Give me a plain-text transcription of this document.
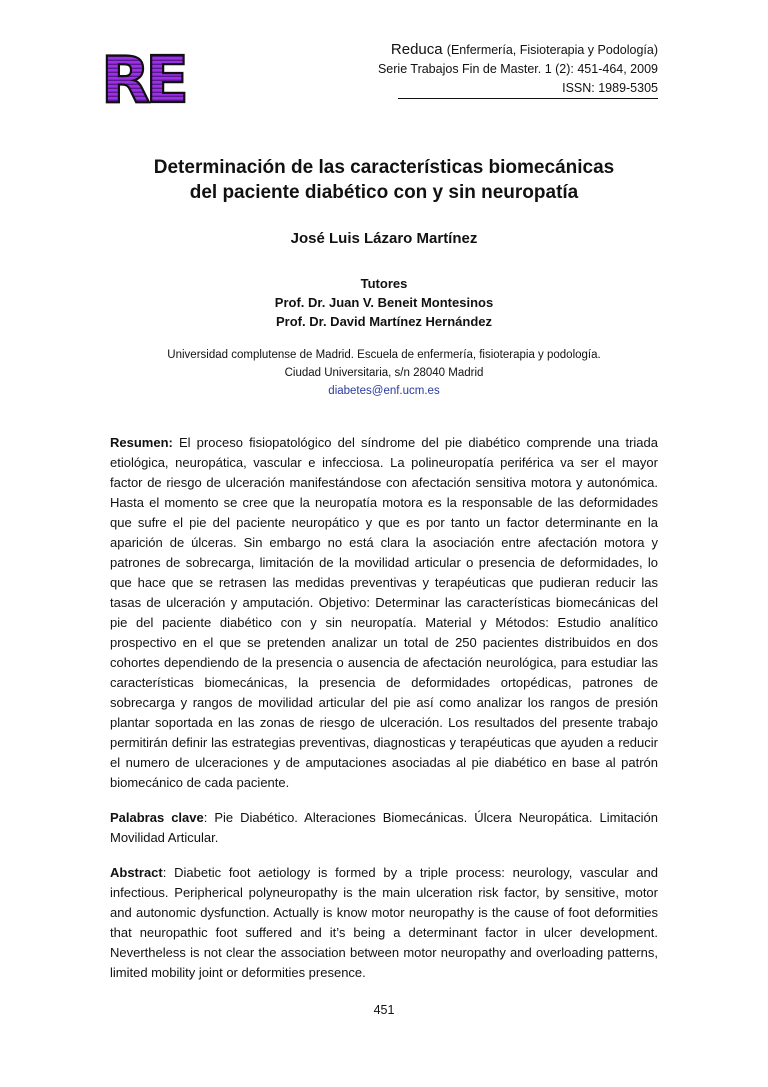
RE	Reduca (Enfermería, Fisioterapia y Podología)
Serie Trabajos Fin de Master. 1 (2): 451-464, 2009
ISSN: 1989-5305
Determinación de las características biomecánicas
del paciente diabético con y sin neuropatía
José Luis Lázaro Martínez
Tutores
Prof. Dr. Juan V. Beneit Montesinos
Prof. Dr. David Martínez Hernández
Universidad complutense de Madrid. Escuela de enfermería, fisioterapia y podología.
Ciudad Universitaria, s/n 28040 Madrid
diabetes@enf.ucm.es

Resumen: El proceso fisiopatológico del síndrome del pie diabético comprende una triada etiológica, neuropática, vascular e infecciosa. La polineuropatía periférica va ser el mayor factor de riesgo de ulceración manifestándose con afectación sensitiva motora y autonómica. Hasta el momento se cree que la neuropatía motora es la responsable de las deformidades que sufre el pie del paciente neuropático y que es por tanto un factor determinante en la aparición de úlceras. Sin embargo no está clara la asociación entre afectación motora y patrones de sobrecarga, limitación de la movilidad articular o presencia de deformidades, lo que hace que se retrasen las medidas preventivas y terapéuticas que pudieran reducir las tasas de ulceración y amputación. Objetivo: Determinar las características biomecánicas del pie del paciente diabético con y sin neuropatía. Material y Métodos: Estudio analítico prospectivo en el que se pretenden analizar un total de 250 pacientes distribuidos en dos cohortes dependiendo de la presencia o ausencia de afectación neurológica, para estudiar las características biomecánicas, la presencia de deformidades ortopédicas, patrones de sobrecarga y rangos de movilidad articular del pie así como analizar los rangos de presión plantar soportada en las zonas de riesgo de ulceración. Los resultados del presente trabajo permitirán definir las estrategias preventivas, diagnosticas y terapéuticas que ayuden a reducir el numero de ulceraciones y de amputaciones asociadas al pie diabético en base al patrón biomecánico de cada paciente.

Palabras clave: Pie Diabético. Alteraciones Biomecánicas. Úlcera Neuropática. Limitación Movilidad Articular.

Abstract: Diabetic foot aetiology is formed by a triple process: neurology, vascular and infectious. Peripherical polyneuropathy is the main ulceration risk factor, by sensitive, motor and autonomic dysfunction. Actually is know motor neuropathy is the cause of foot deformities that neuropathic foot suffered and it’s being a determinant factor in ulcer development. Nevertheless is not clear the association between motor neuropathy and overloading patterns, limited mobility joint or deformities presence.

451
